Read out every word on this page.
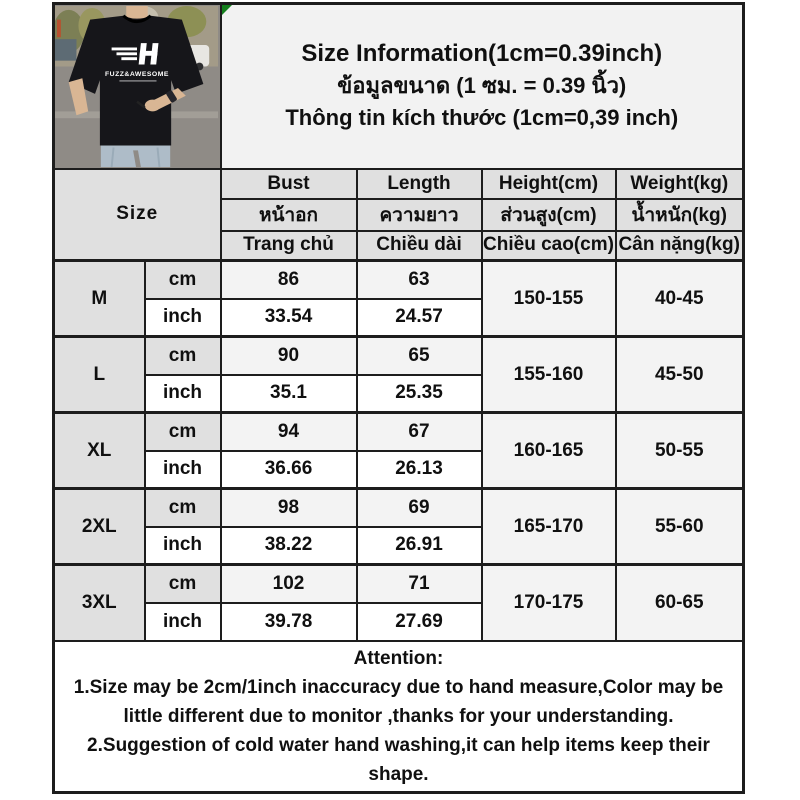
FUZZ&AWESOME		Size Information(1cm=0.39inch)
ข้อมูลขนาด (1 ซม. = 0.39 นิ้ว)
Thông tin kích thước (1cm=0,39 inch)			

Size		Bust	Length	Height(cm)	Weight(kg)
		หน้าอก	ความยาว	ส่วนสูง(cm)	น้ำหนัก(kg)
		Trang chủ	Chiều dài	Chiều cao(cm)	Cân nặng(kg)
M	cm	86	63	150-155	40-45
	inch	33.54	24.57		
L	cm	90	65	155-160	45-50
	inch	35.1	25.35		
XL	cm	94	67	160-165	50-55
	inch	36.66	26.13		
2XL	cm	98	69	165-170	55-60
	inch	38.22	26.91		
3XL	cm	102	71	170-175	60-65
	inch	39.78	27.69		

Attention:

1.Size may be 2cm/1inch inaccuracy due to hand measure,Color may be little different due to monitor ,thanks for your understanding.

2.Suggestion of cold water hand washing,it can help items keep their shape.					
